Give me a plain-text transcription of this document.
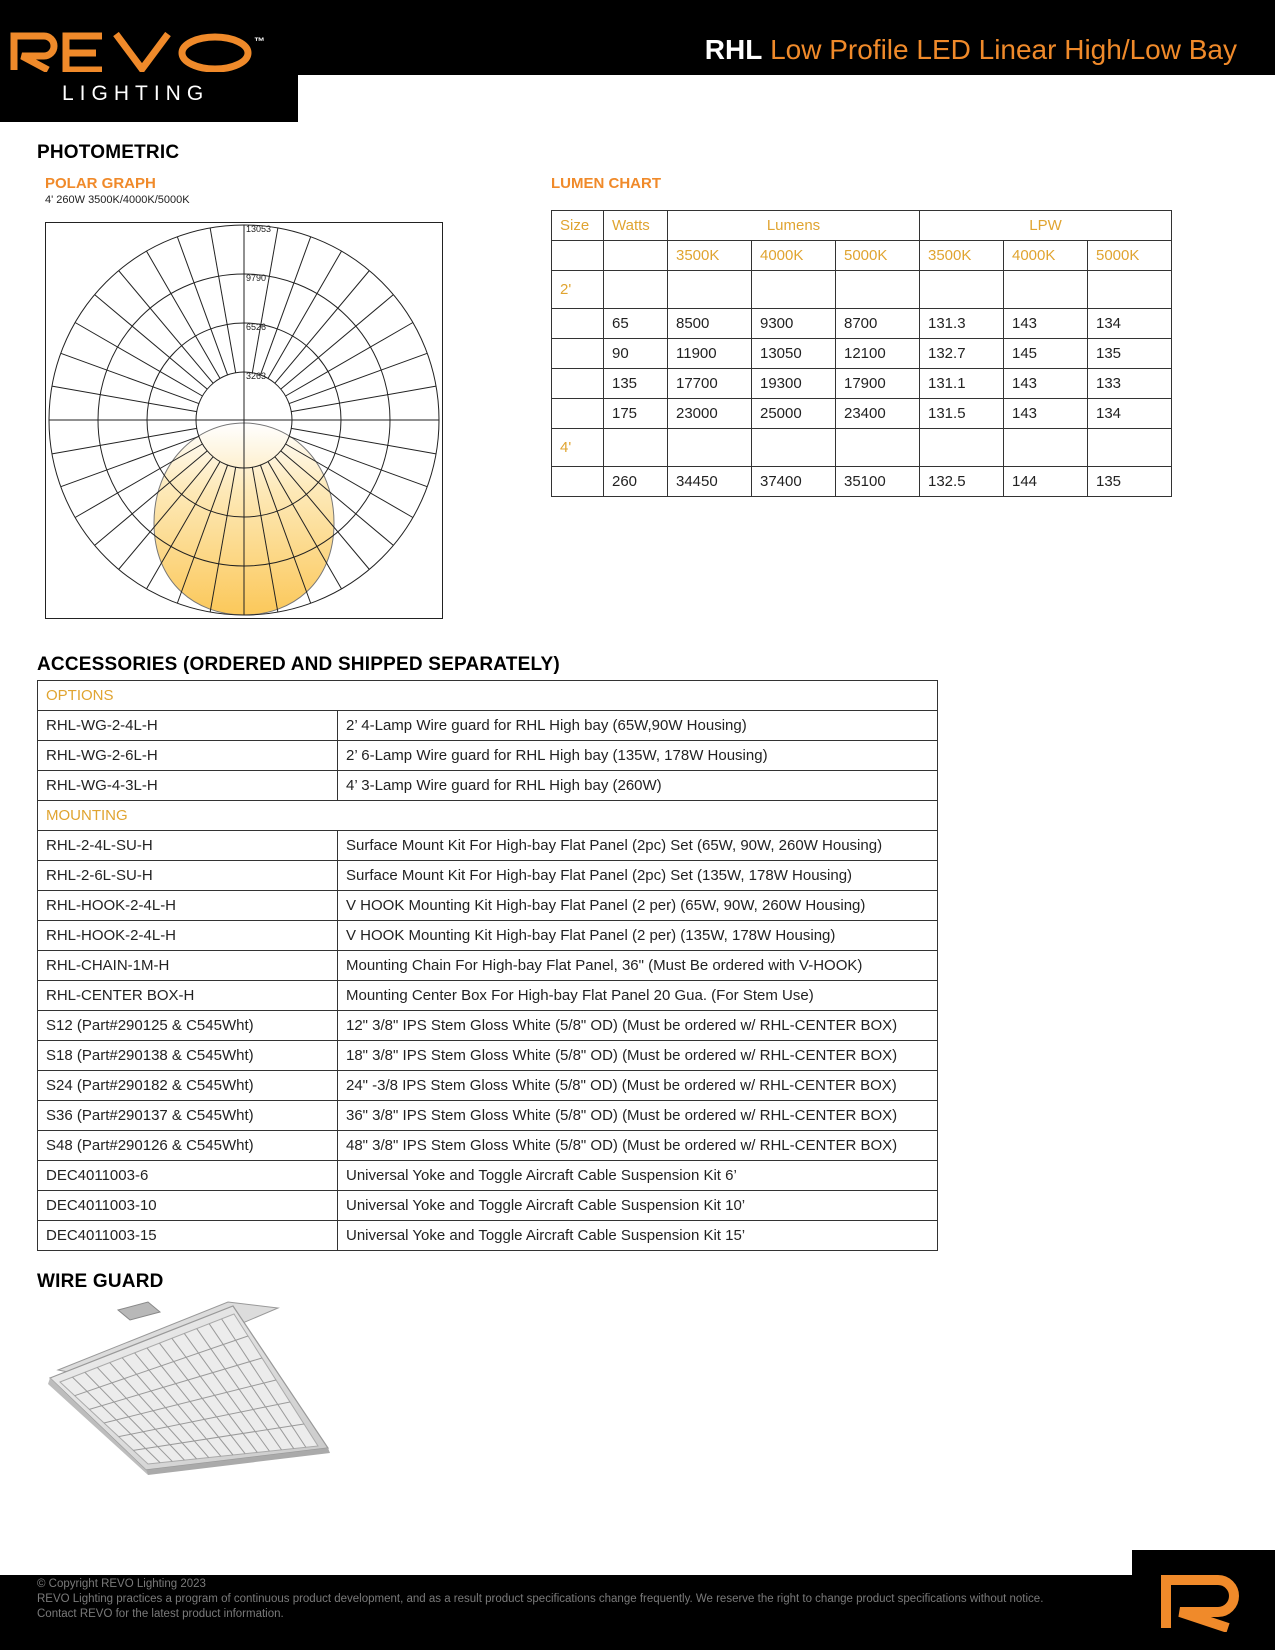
™
LIGHTING
RHL Low Profile LED Linear High/Low Bay
PHOTOMETRIC
POLAR GRAPH
4' 260W 3500K/4000K/5000K
13053
9790
6526
3263
LUMEN CHART
Size	Watts	Lumens			LPW		
		3500K	4000K	5000K	3500K	4000K	5000K
2'							
	65	8500	9300	8700	131.3	143	134
	90	11900	13050	12100	132.7	145	135
	135	17700	19300	17900	131.1	143	133
	175	23000	25000	23400	131.5	143	134
4'							
	260	34450	37400	35100	132.5	144	135
ACCESSORIES (ORDERED AND SHIPPED SEPARATELY)
OPTIONS	
RHL-WG-2-4L-H	2’ 4-Lamp Wire guard for RHL High bay (65W,90W Housing)
RHL-WG-2-6L-H	2’ 6-Lamp Wire guard for RHL High bay (135W, 178W Housing)
RHL-WG-4-3L-H	4’ 3-Lamp Wire guard for RHL High bay (260W)
MOUNTING	
RHL-2-4L-SU-H	Surface Mount Kit For High-bay Flat Panel (2pc) Set (65W, 90W, 260W Housing)
RHL-2-6L-SU-H	Surface Mount Kit For High-bay Flat Panel (2pc) Set (135W, 178W Housing)
RHL-HOOK-2-4L-H	V HOOK Mounting Kit High-bay Flat Panel (2 per) (65W, 90W, 260W Housing)
RHL-HOOK-2-4L-H	V HOOK Mounting Kit High-bay Flat Panel (2 per) (135W, 178W Housing)
RHL-CHAIN-1M-H	Mounting Chain For High-bay Flat Panel, 36" (Must Be ordered with V-HOOK)
RHL-CENTER BOX-H	Mounting Center Box For High-bay Flat Panel 20 Gua. (For Stem Use)
S12 (Part#290125 & C545Wht)	12" 3/8" IPS Stem Gloss White (5/8" OD) (Must be ordered w/ RHL-CENTER BOX)
S18 (Part#290138 & C545Wht)	18" 3/8" IPS Stem Gloss White (5/8" OD) (Must be ordered w/ RHL-CENTER BOX)
S24 (Part#290182 & C545Wht)	24" -3/8 IPS Stem Gloss White (5/8" OD) (Must be ordered w/ RHL-CENTER BOX)
S36 (Part#290137 & C545Wht)	36" 3/8" IPS Stem Gloss White (5/8" OD) (Must be ordered w/ RHL-CENTER BOX)
S48 (Part#290126 & C545Wht)	48" 3/8" IPS Stem Gloss White (5/8" OD) (Must be ordered w/ RHL-CENTER BOX)
DEC4011003-6	Universal Yoke and Toggle Aircraft Cable Suspension Kit 6’
DEC4011003-10	Universal Yoke and Toggle Aircraft Cable Suspension Kit 10’
DEC4011003-15	Universal Yoke and Toggle Aircraft Cable Suspension Kit 15’
WIRE GUARD
© Copyright REVO Lighting 2023
REVO Lighting practices a program of continuous product development, and as a result product specifications change frequently. We reserve the right to change product specifications without notice. Contact REVO for the latest product information.
